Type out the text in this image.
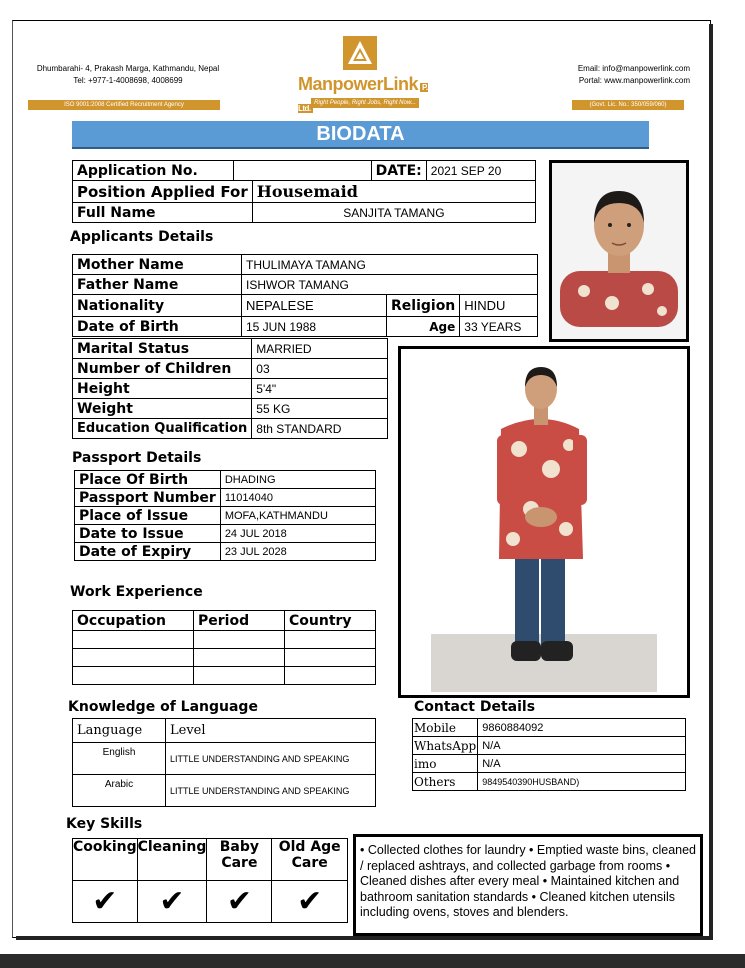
Dhumbarahi- 4, Prakash Marga, Kathmandu, Nepal
Tel: +977-1-4008698, 4008699
ISO 9001:2008 Certified Recruitment Agency
ManpowerLink P. Ltd.
Right People, Right Jobs, Right Now...
Email: info@manpowerlink.com
Portal: www.manpowerlink.com
(Govt. Lic. No.: 350/059/060)
BIODATA
Application No.		DATE:	2021 SEP 20
Position Applied For	Housemaid
Full Name	SANJITA TAMANG
Applicants Details
Mother Name	THULIMAYA TAMANG		
Father Name	ISHWOR TAMANG		
Nationality	NEPALESE	Religion	HINDU
Date of Birth	15 JUN 1988	Age	33 YEARS
Marital Status	MARRIED
Number of Children	03
Height	5'4"
Weight	55 KG
Education Qualification	8th STANDARD
Passport Details
Place Of Birth	DHADING
Passport Number	11014040
Place of Issue	MOFA,KATHMANDU
Date to Issue	24 JUL 2018
Date of Expiry	23 JUL 2028
Work Experience
Occupation	Period	Country

Knowledge of Language
Language	Level
English	LITTLE UNDERSTANDING AND SPEAKING
Arabic	LITTLE UNDERSTANDING AND SPEAKING
Contact Details
Mobile	9860884092
WhatsApp	N/A
imo	N/A
Others	9849540390HUSBAND)
Key Skills
Cooking	Cleaning	Baby Care	Old Age Care
✔	✔	✔	✔
• Collected clothes for laundry • Emptied waste bins, cleaned / replaced ashtrays, and collected garbage from rooms • Cleaned dishes after every meal • Maintained kitchen and bathroom sanitation standards • Cleaned kitchen utensils including ovens, stoves and blenders.
